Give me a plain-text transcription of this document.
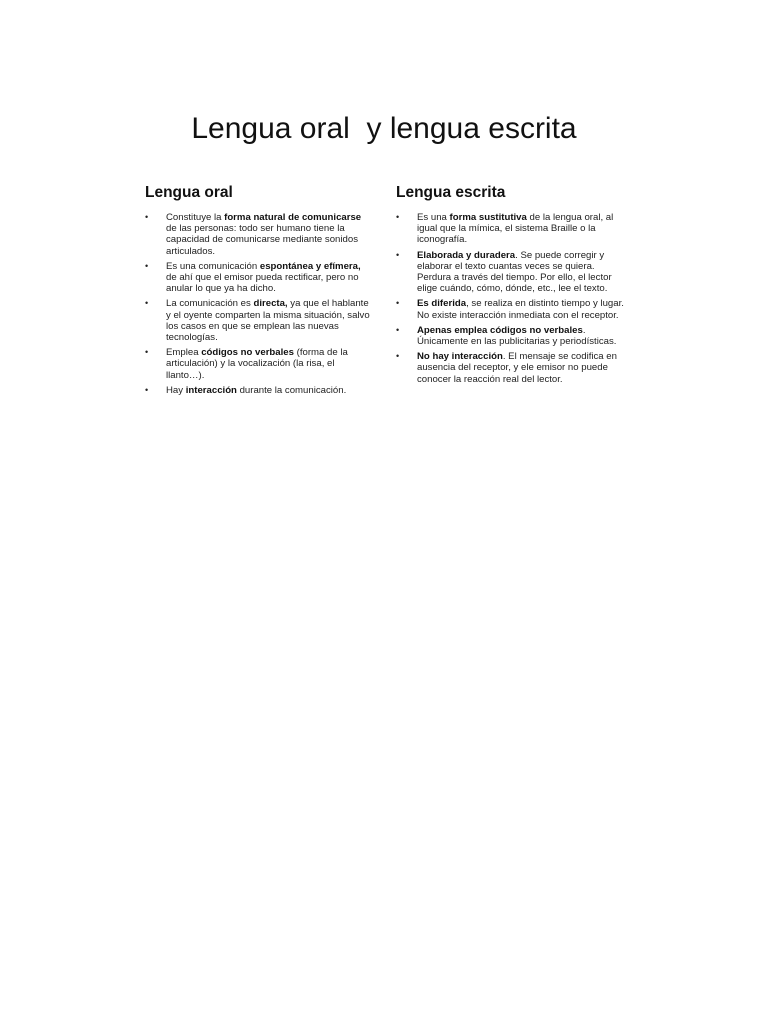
Lengua oral  y lengua escrita
Lengua oral
• Constituye la forma natural de comunicarse de las personas: todo ser humano tiene la capacidad de comunicarse mediante sonidos articulados.
• Es una comunicación espontánea y efímera, de ahí que el emisor pueda rectificar, pero no anular lo que ya ha dicho.
• La comunicación es directa, ya que el hablante y el oyente comparten la misma situación, salvo los casos en que se emplean las nuevas tecnologías.
• Emplea códigos no verbales (forma de la articulación) y la vocalización (la risa, el llanto…).
• Hay interacción durante la comunicación.
Lengua escrita
• Es una forma sustitutiva de la lengua oral, al igual que la mímica, el sistema Braille o la iconografía.
• Elaborada y duradera. Se puede corregir y elaborar el texto cuantas veces se quiera. Perdura a través del tiempo. Por ello, el lector elige cuándo, cómo, dónde, etc., lee el texto.
• Es diferida, se realiza en distinto tiempo y lugar. No existe interacción inmediata con el receptor.
• Apenas emplea códigos no verbales. Únicamente en las publicitarias y periodísticas.
• No hay interacción. El mensaje se codifica en ausencia del receptor, y ele emisor no puede conocer la reacción real del lector.
